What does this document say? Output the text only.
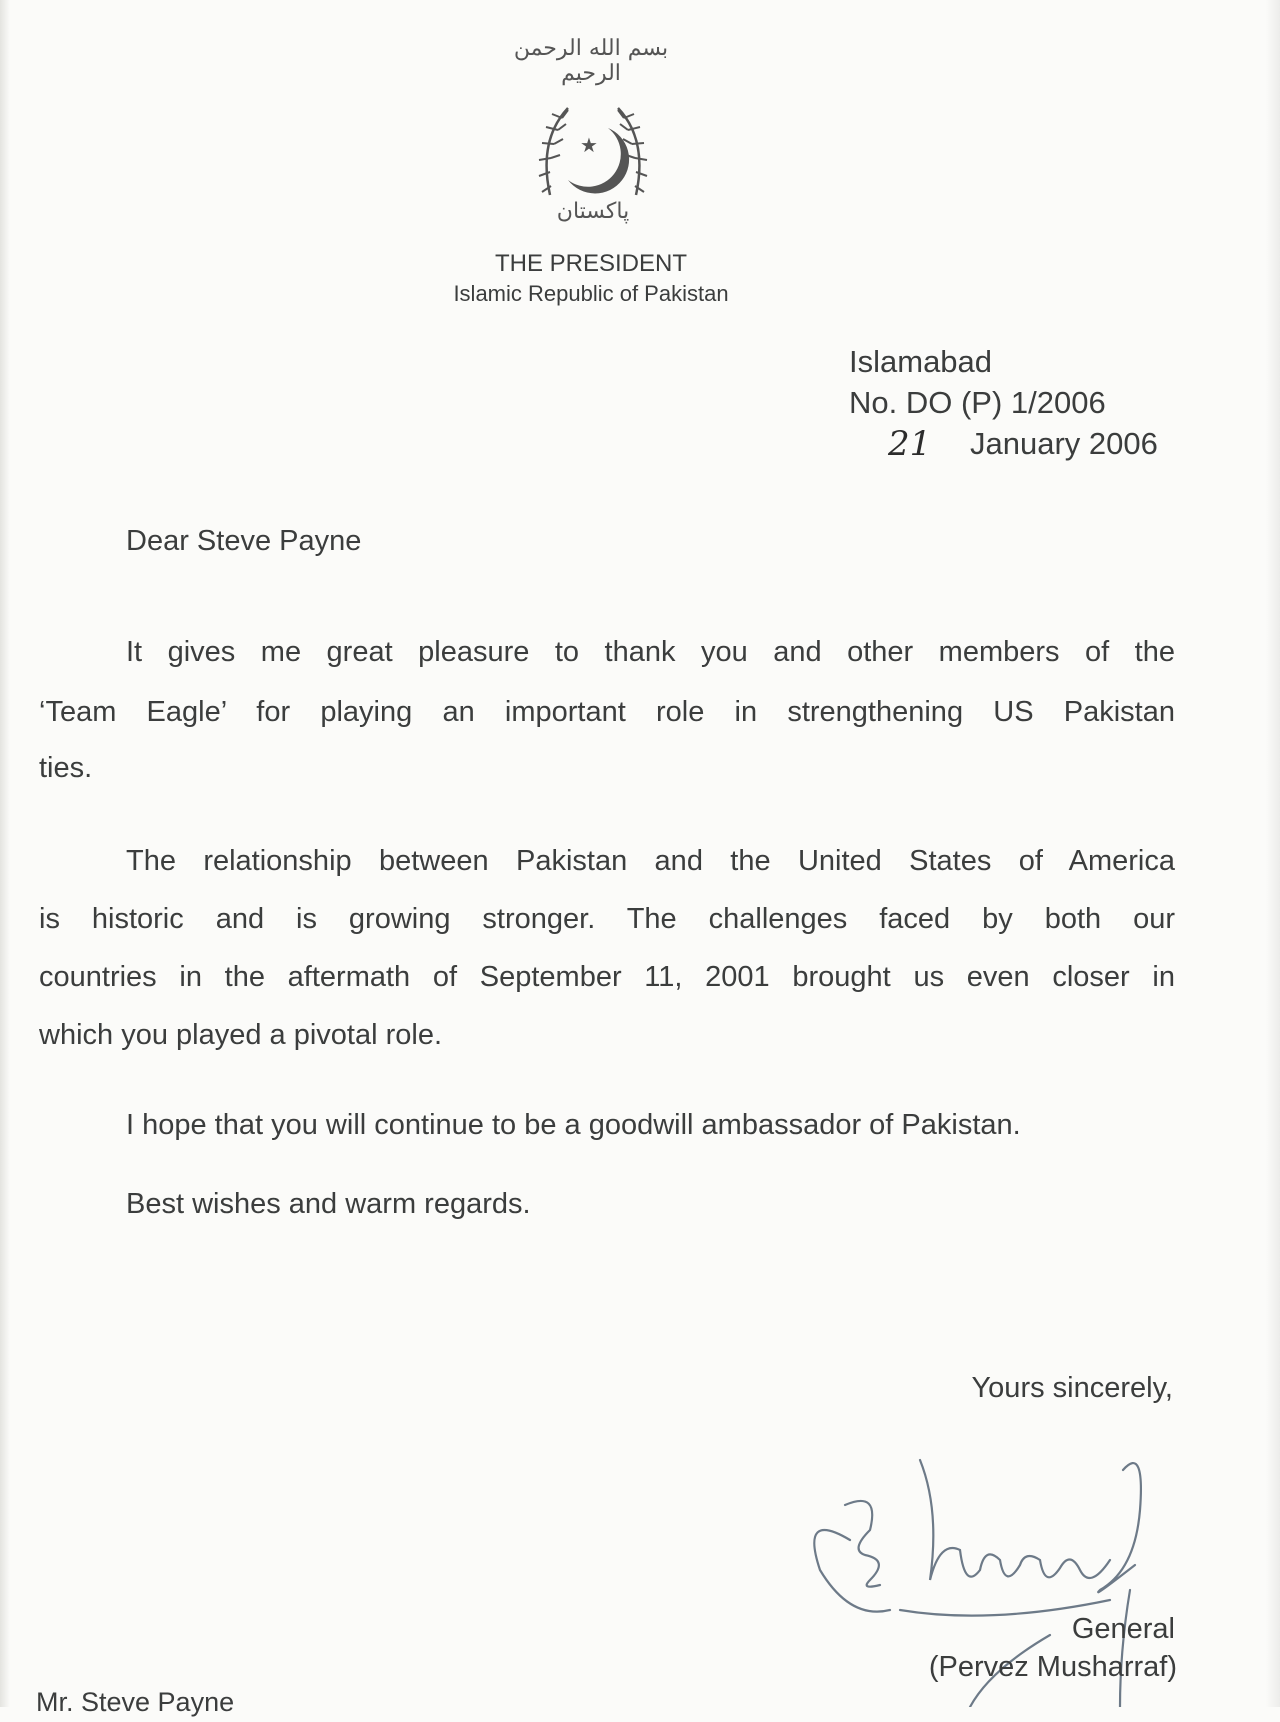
بسم الله الرحمن الرحيم
★
پاکستان
THE PRESIDENT
Islamic Republic of Pakistan
Islamabad
No. DO (P) 1/2006
21 January 2006
Dear Steve Payne
It gives me great pleasure to thank you and other members of the
‘Team Eagle’ for playing an important role in strengthening US Pakistan
ties.
The relationship between Pakistan and the United States of America
is historic and is growing stronger. The challenges faced by both our
countries in the aftermath of September 11, 2001 brought us even closer in
which you played a pivotal role.
I hope that you will continue to be a goodwill ambassador of Pakistan.
Best wishes and warm regards.
Yours sincerely,
General
(Pervez Musharraf)
Mr. Steve Payne
